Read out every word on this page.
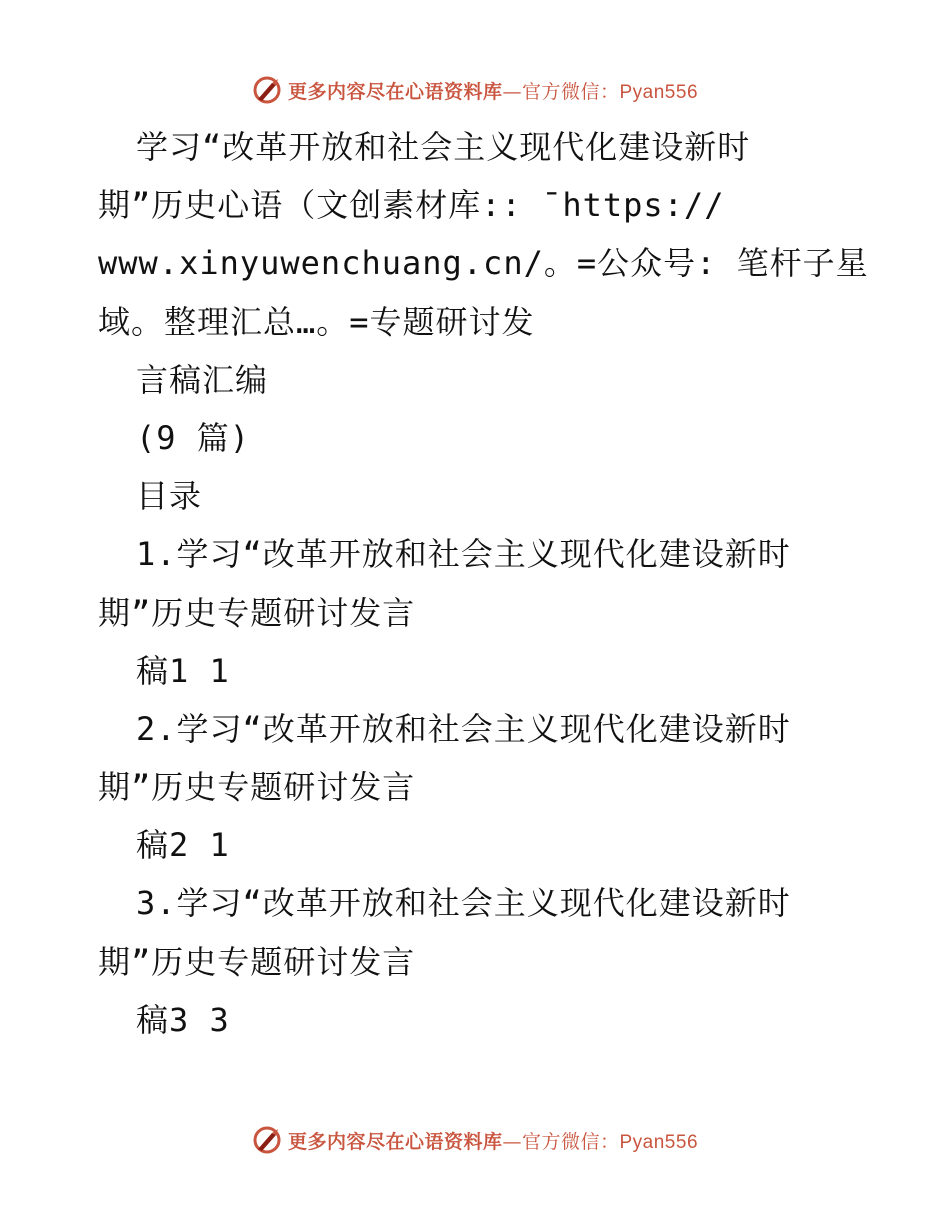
更多内容尽在心语资料库—官方微信：Pyan556
学习“改革开放和社会主义现代化建设新时
期”历史心语（文创素材库:: ¯https://
www.xinyuwenchuang.cn/。=公众号: 笔杆子星
域。整理汇总…。=专题研讨发
言稿汇编
(9 篇)
目录
1.学习“改革开放和社会主义现代化建设新时
期”历史专题研讨发言
稿1 1
2.学习“改革开放和社会主义现代化建设新时
期”历史专题研讨发言
稿2 1
3.学习“改革开放和社会主义现代化建设新时
期”历史专题研讨发言
稿3 3
更多内容尽在心语资料库—官方微信：Pyan556
